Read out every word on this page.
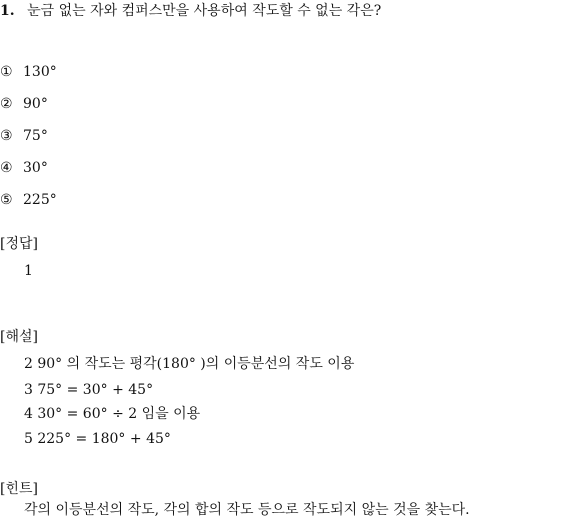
1. 눈금 없는 자와 컴퍼스만을 사용하여 작도할 수 없는 각은?
① 130°
② 90°
③ 75°
④ 30°
⑤ 225°
[정답]
1
[해설]
2 90° 의 작도는 평각(180° )의 이등분선의 작도 이용
3 75° = 30° + 45°
4 30° = 60° ÷ 2 임을 이용
5 225° = 180° + 45°
[힌트]
각의 이등분선의 작도, 각의 합의 작도 등으로 작도되지 않는 것을 찾는다.
